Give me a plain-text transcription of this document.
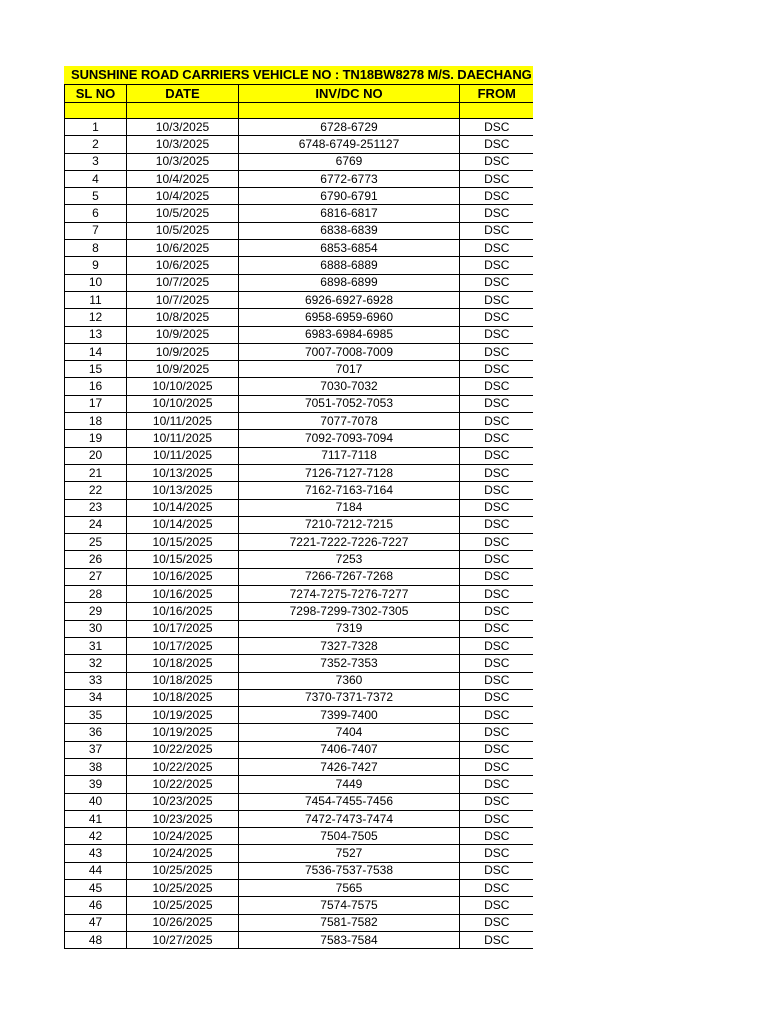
SUNSHINE ROAD CARRIERS VEHICLE NO : TN18BW8278 M/S. DAECHANG
SL NO	DATE	INV/DC NO	FROM

1	10/3/2025	6728-6729	DSC
2	10/3/2025	6748-6749-251127	DSC
3	10/3/2025	6769	DSC
4	10/4/2025	6772-6773	DSC
5	10/4/2025	6790-6791	DSC
6	10/5/2025	6816-6817	DSC
7	10/5/2025	6838-6839	DSC
8	10/6/2025	6853-6854	DSC
9	10/6/2025	6888-6889	DSC
10	10/7/2025	6898-6899	DSC
11	10/7/2025	6926-6927-6928	DSC
12	10/8/2025	6958-6959-6960	DSC
13	10/9/2025	6983-6984-6985	DSC
14	10/9/2025	7007-7008-7009	DSC
15	10/9/2025	7017	DSC
16	10/10/2025	7030-7032	DSC
17	10/10/2025	7051-7052-7053	DSC
18	10/11/2025	7077-7078	DSC
19	10/11/2025	7092-7093-7094	DSC
20	10/11/2025	7117-7118	DSC
21	10/13/2025	7126-7127-7128	DSC
22	10/13/2025	7162-7163-7164	DSC
23	10/14/2025	7184	DSC
24	10/14/2025	7210-7212-7215	DSC
25	10/15/2025	7221-7222-7226-7227	DSC
26	10/15/2025	7253	DSC
27	10/16/2025	7266-7267-7268	DSC
28	10/16/2025	7274-7275-7276-7277	DSC
29	10/16/2025	7298-7299-7302-7305	DSC
30	10/17/2025	7319	DSC
31	10/17/2025	7327-7328	DSC
32	10/18/2025	7352-7353	DSC
33	10/18/2025	7360	DSC
34	10/18/2025	7370-7371-7372	DSC
35	10/19/2025	7399-7400	DSC
36	10/19/2025	7404	DSC
37	10/22/2025	7406-7407	DSC
38	10/22/2025	7426-7427	DSC
39	10/22/2025	7449	DSC
40	10/23/2025	7454-7455-7456	DSC
41	10/23/2025	7472-7473-7474	DSC
42	10/24/2025	7504-7505	DSC
43	10/24/2025	7527	DSC
44	10/25/2025	7536-7537-7538	DSC
45	10/25/2025	7565	DSC
46	10/25/2025	7574-7575	DSC
47	10/26/2025	7581-7582	DSC
48	10/27/2025	7583-7584	DSC
